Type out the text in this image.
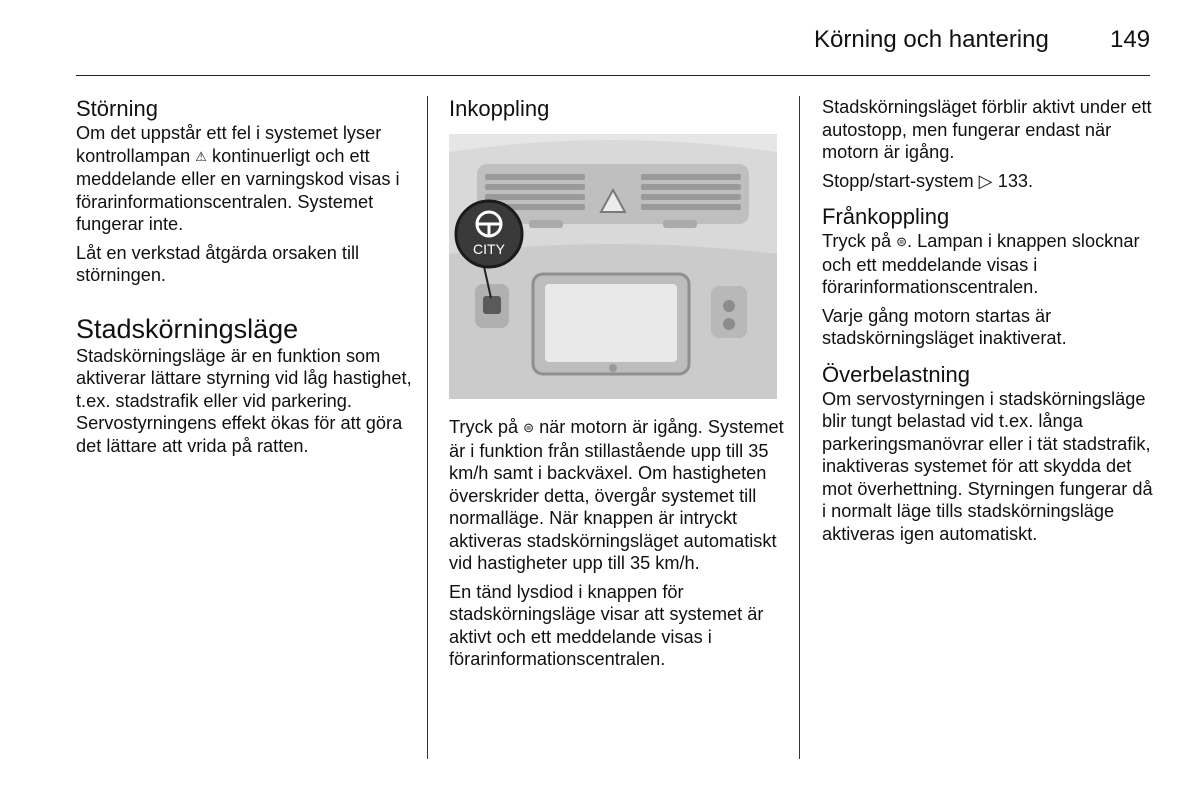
Körning och hantering	149
Störning

Om det uppstår ett fel i systemet lyser kontrollampan ⚠ kontinuerligt och ett meddelande eller en varningskod visas i förarinformationscentralen. Systemet fungerar inte.

Låt en verkstad åtgärda orsaken till störningen.

Stadskörningsläge

Stadskörningsläge är en funktion som aktiverar lättare styrning vid låg hastighet, t.ex. stadstrafik eller vid parkering. Servostyrningens effekt ökas för att göra det lättare att vrida på ratten.

Inkoppling
CITY

Tryck på ⊜ när motorn är igång. Systemet är i funktion från stillastående upp till 35 km/h samt i backväxel. Om hastigheten överskrider detta, övergår systemet till normalläge. När knappen är intryckt aktiveras stadskörningsläget automatiskt vid hastigheter upp till 35 km/h.

En tänd lysdiod i knappen för stadskörningsläge visar att systemet är aktivt och ett meddelande visas i förarinformationscentralen.

Stadskörningsläget förblir aktivt under ett autostopp, men fungerar endast när motorn är igång.

Stopp/start-system ▷ 133.

Frånkoppling

Tryck på ⊜. Lampan i knappen slocknar och ett meddelande visas i förarinformationscentralen.

Varje gång motorn startas är stadskörningsläget inaktiverat.

Överbelastning

Om servostyrningen i stadskörningsläge blir tungt belastad vid t.ex. långa parkeringsmanövrar eller i tät stadstrafik, inaktiveras systemet för att skydda det mot överhettning. Styrningen fungerar då i normalt läge tills stadskörningsläge aktiveras igen automatiskt.
